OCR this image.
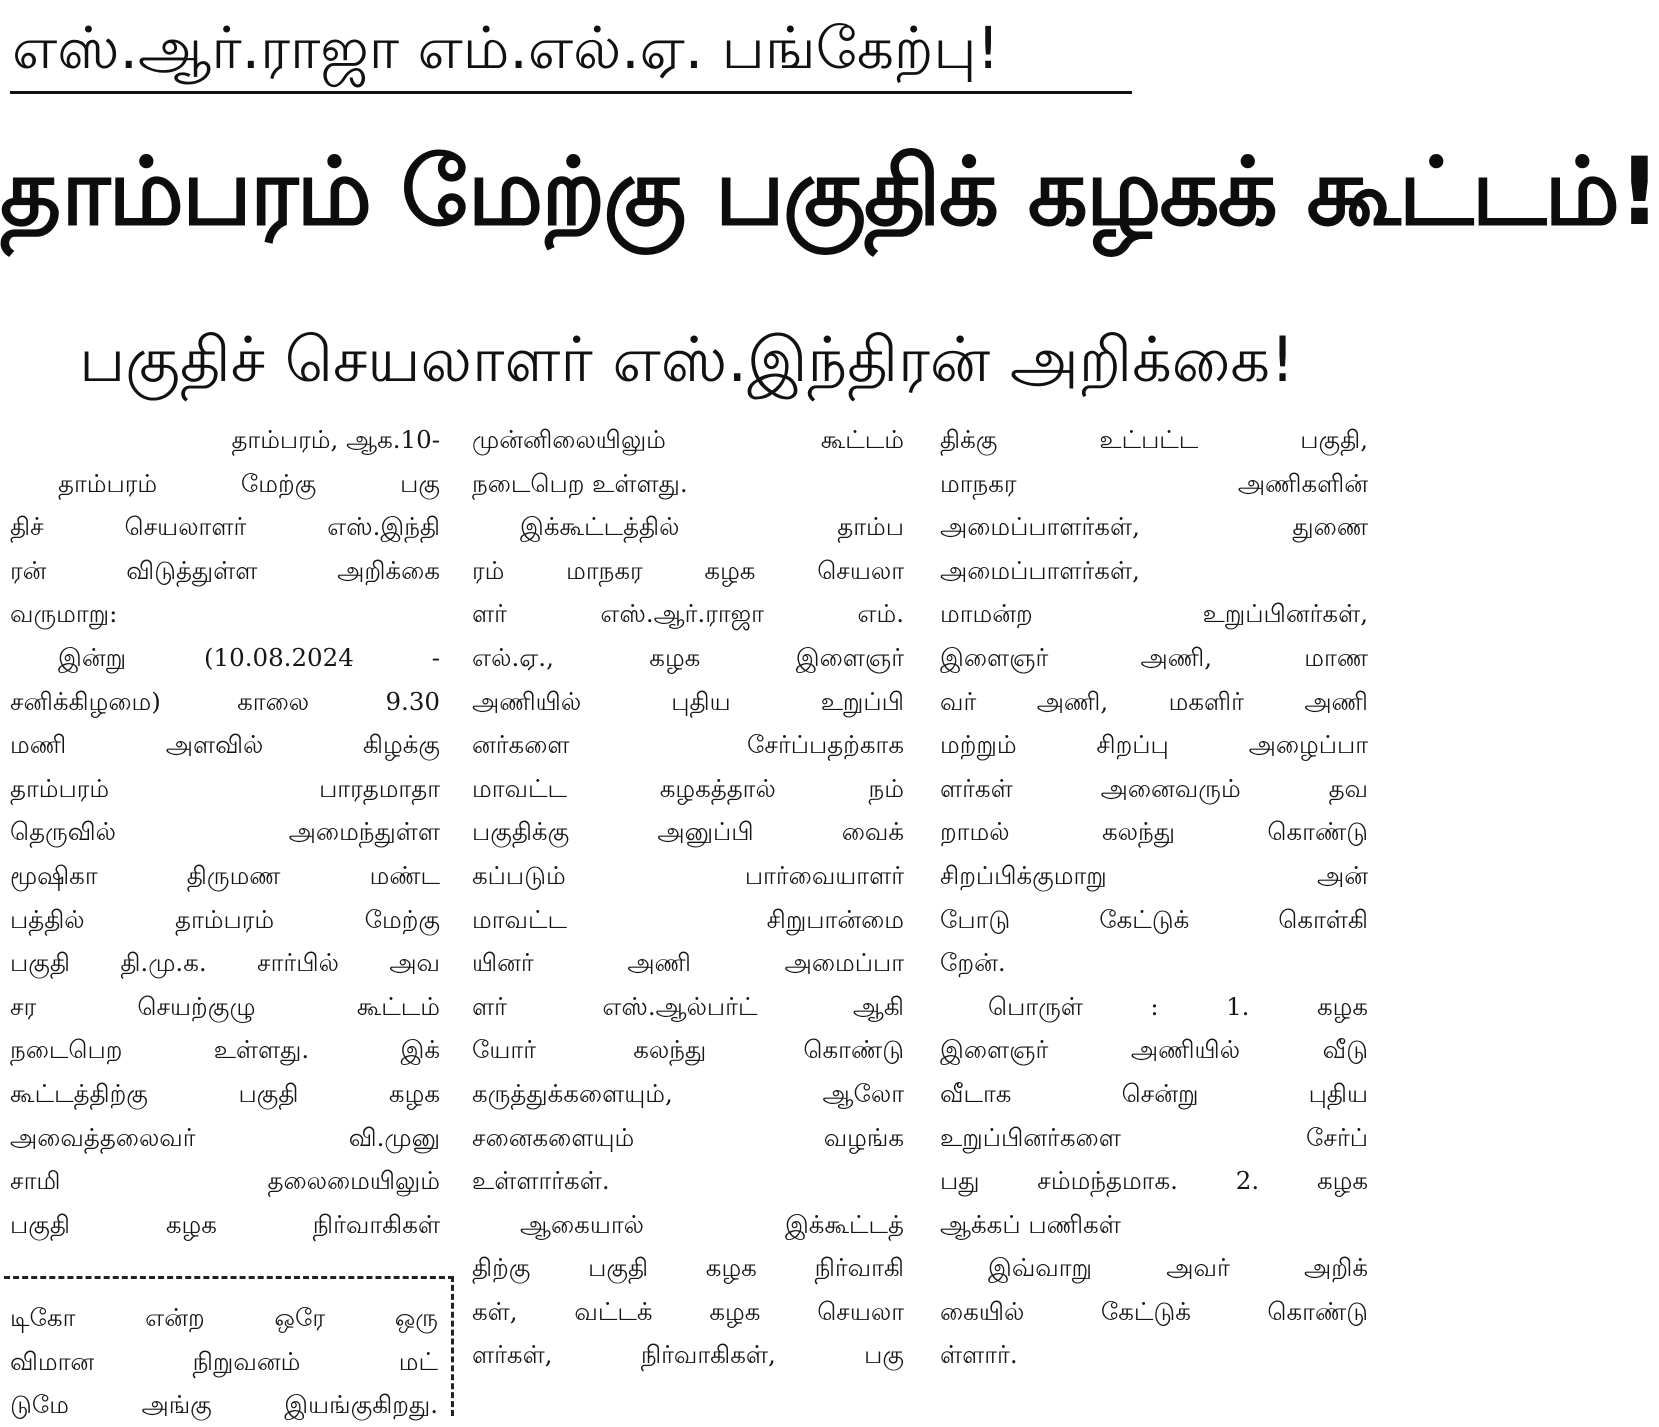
எஸ்.ஆர்.ராஜா எம்.எல்.ஏ. பங்கேற்பு!
தாம்பரம் மேற்கு பகுதிக் கழகக் கூட்டம்!
பகுதிச் செயலாளர் எஸ்.இந்திரன் அறிக்கை!

தாம்பரம், ஆக.10-

தாம்பரம் மேற்கு பகு

திச் செயலாளர் எஸ்.இந்தி

ரன் விடுத்துள்ள அறிக்கை

வருமாறு:

இன்று (10.08.2024 -

சனிக்கிழமை) காலை 9.30

மணி அளவில் கிழக்கு

தாம்பரம் பாரதமாதா

தெருவில் அமைந்துள்ள

மூஷிகா திருமண மண்ட

பத்தில் தாம்பரம் மேற்கு

பகுதி தி.மு.க. சார்பில் அவ

சர செயற்குழு கூட்டம்

நடைபெற உள்ளது. இக்

கூட்டத்திற்கு பகுதி கழக

அவைத்தலைவர் வி.முனு

சாமி தலைமையிலும்

பகுதி கழக நிர்வாகிகள்

முன்னிலையிலும் கூட்டம்

நடைபெற உள்ளது.

இக்கூட்டத்தில் தாம்ப

ரம் மாநகர கழக செயலா

ளர் எஸ்.ஆர்.ராஜா எம்.

எல்.ஏ., கழக இளைஞர்

அணியில் புதிய உறுப்பி

னர்களை சேர்ப்பதற்காக

மாவட்ட கழகத்தால் நம்

பகுதிக்கு அனுப்பி வைக்

கப்படும் பார்வையாளர்

மாவட்ட சிறுபான்மை

யினர் அணி அமைப்பா

ளர் எஸ்.ஆல்பர்ட் ஆகி

யோர் கலந்து கொண்டு

கருத்துக்களையும், ஆலோ

சனைகளையும் வழங்க

உள்ளார்கள்.

ஆகையால் இக்கூட்டத்

திற்கு பகுதி கழக நிர்வாகி

கள், வட்டக் கழக செயலா

ளர்கள், நிர்வாகிகள், பகு

திக்கு உட்பட்ட பகுதி,

மாநகர அணிகளின்

அமைப்பாளர்கள், துணை

அமைப்பாளர்கள்,

மாமன்ற உறுப்பினர்கள்,

இளைஞர் அணி, மாண

வர் அணி, மகளிர் அணி

மற்றும் சிறப்பு அழைப்பா

ளர்கள் அனைவரும் தவ

றாமல் கலந்து கொண்டு

சிறப்பிக்குமாறு அன்

போடு கேட்டுக் கொள்கி

றேன்.

பொருள் : 1. கழக

இளைஞர் அணியில் வீடு

வீடாக சென்று புதிய

உறுப்பினர்களை சேர்ப்

பது சம்மந்தமாக. 2. கழக

ஆக்கப் பணிகள்

இவ்வாறு அவர் அறிக்

கையில் கேட்டுக் கொண்டு

ள்ளார்.

டிகோ என்ற ஒரே ஒரு

விமான நிறுவனம் மட்

டுமே அங்கு இயங்குகிறது.
